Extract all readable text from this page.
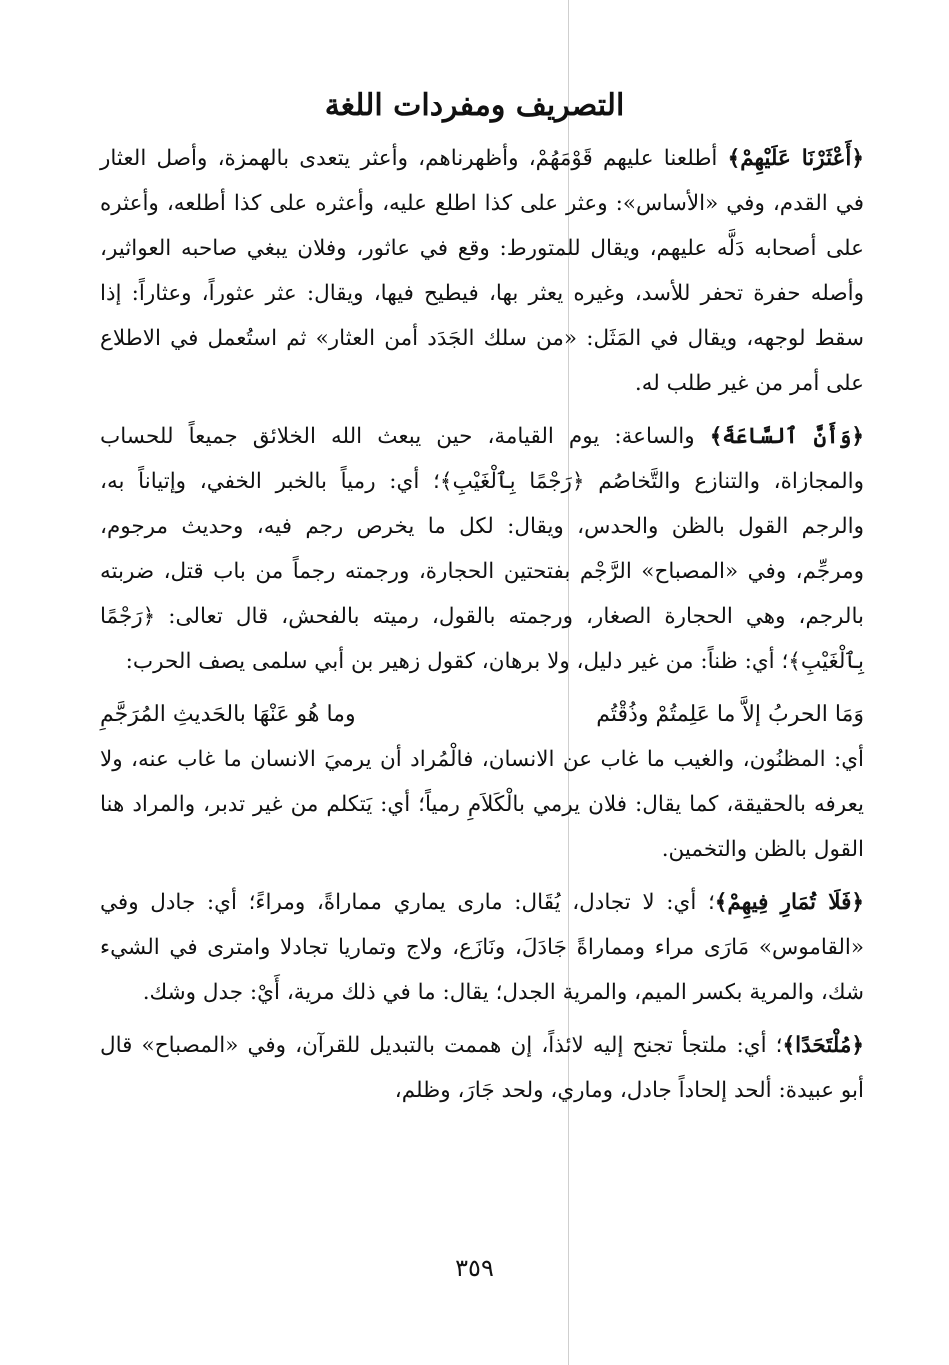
التصريف ومفردات اللغة

﴿أَعْثَرْنَا عَلَيْهِمْ﴾ أطلعنا عليهم قَوْمَهُمْ، وأظهرناهم، وأعثر يتعدى بالهمزة، وأصل العثار في القدم، وفي «الأساس»: وعثر على كذا اطلع عليه، وأعثره على كذا أطلعه، وأعثره على أصحابه دَلَّه عليهم، ويقال للمتورط: وقع في عاثور، وفلان يبغي صاحبه العواثير، وأصله حفرة تحفر للأسد، وغيره يعثر بها، فيطيح فيها، ويقال: عثر عثوراً، وعثاراً: إذا سقط لوجهه، ويقال في المَثَل: «من سلك الجَدَد أمن العثار» ثم استُعمل في الاطلاع على أمر من غير طلب له.

﴿وَأَنَّ ٱلسَّاعَةَ﴾ والساعة: يوم القيامة، حين يبعث الله الخلائق جميعاً للحساب والمجازاة، والتنازع والتَّخاصُم ﴿رَجْمًا بِٱلْغَيْبِ﴾؛ أي: رمياً بالخبر الخفي، وإتياناً به، والرجم القول بالظن والحدس، ويقال: لكل ما يخرص رجم فيه، وحديث مرجوم، ومرجِّم، وفي «المصباح» الرَّجْم بفتحتين الحجارة، ورجمته رجماً من باب قتل، ضربته بالرجم، وهي الحجارة الصغار، ورجمته بالقول، رميته بالفحش، قال تعالى: ﴿رَجْمًا بِٱلْغَيْبِ﴾؛ أي: ظناً: من غير دليل، ولا برهان، كقول زهير بن أبي سلمى يصف الحرب:

وَمَا الحربُ إلاَّ ما عَلِمتُمْ وذُقْتُم
وما هُو عَنْهَا بالحَديثِ المُرَجَّمِ

أي: المظنُون، والغيب ما غاب عن الانسان، فالْمُراد أن يرميَ الانسان ما غاب عنه، ولا يعرفه بالحقيقة، كما يقال: فلان يرمي بالْكَلاَمِ رمياً؛ أي: يَتكلم من غير تدبر، والمراد هنا القول بالظن والتخمين.

﴿فَلَا تُمَارِ فِيهِمْ﴾؛ أي: لا تجادل، يُقَال: مارى يماري مماراةً، ومراءً؛ أي: جادل وفي «القاموس» مَارَى مراء ومماراةً جَادَلَ، ونَازَع، ولاج وتماريا تجادلا وامترى في الشيء شك، والمرية بكسر الميم، والمرية الجدل؛ يقال: ما في ذلك مرية، أَيْ: جدل وشك.

﴿مُلْتَحَدًا﴾؛ أي: ملتجأ تجنح إليه لائذاً، إن هممت بالتبديل للقرآن، وفي «المصباح» قال أبو عبيدة: ألحد إلحاداً جادل، وماري، ولحد جَارَ، وظلم،

٣٥٩
